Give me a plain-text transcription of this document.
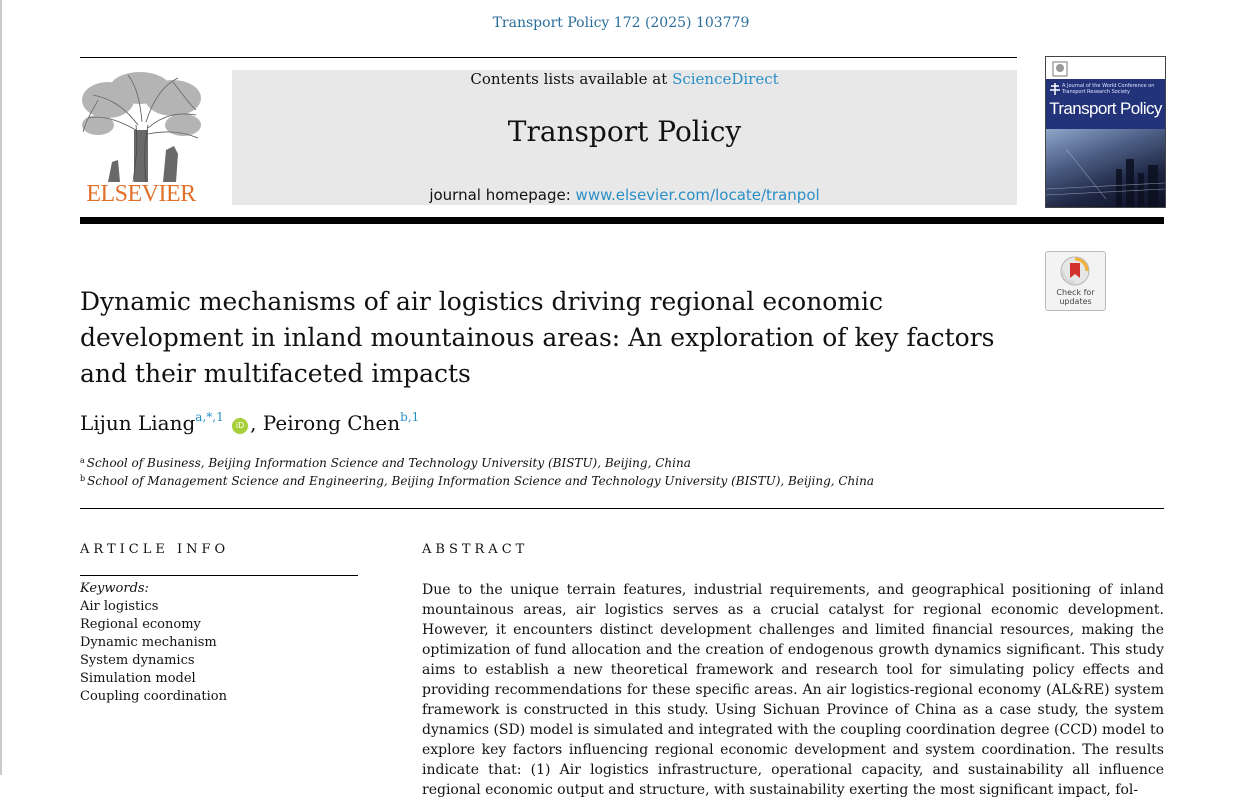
Transport Policy 172 (2025) 103779
ELSEVIER
Contents lists available at ScienceDirect
Transport Policy
journal homepage: www.elsevier.com/locate/tranpol
A Journal of the World Conference on Transport Research Society
Transport Policy
Check for
updates
Dynamic mechanisms of air logistics driving regional economic development in inland mountainous areas: An exploration of key factors and their multifaceted impacts
Lijun Liang$^{a,*,1}$ iD , Peirong Chen$^{b,1}$
$^a$ School of Business, Beijing Information Science and Technology University (BISTU), Beijing, China
$^b$ School of Management Science and Engineering, Beijing Information Science and Technology University (BISTU), Beijing, China
ARTICLE INFO
Keywords:
Air logistics
Regional economy
Dynamic mechanism
System dynamics
Simulation model
Coupling coordination
ABSTRACT
Due to the unique terrain features, industrial requirements, and geographical positioning of inland mountainous areas, air logistics serves as a crucial catalyst for regional economic development. However, it encounters distinct development challenges and limited financial resources, making the optimization of fund allocation and the creation of endogenous growth dynamics significant. This study aims to establish a new theoretical framework and research tool for simulating policy effects and providing recommendations for these specific areas. An air logistics-regional economy (AL&RE) system framework is constructed in this study. Using Sichuan Province of China as a case study, the system dynamics (SD) model is simulated and integrated with the coupling coordination degree (CCD) model to explore key factors influencing regional economic development and system coordination. The results indicate that: (1) Air logistics infrastructure, operational capacity, and sustainability all influence regional economic output and structure, with sustainability exerting the most significant impact, fol-
